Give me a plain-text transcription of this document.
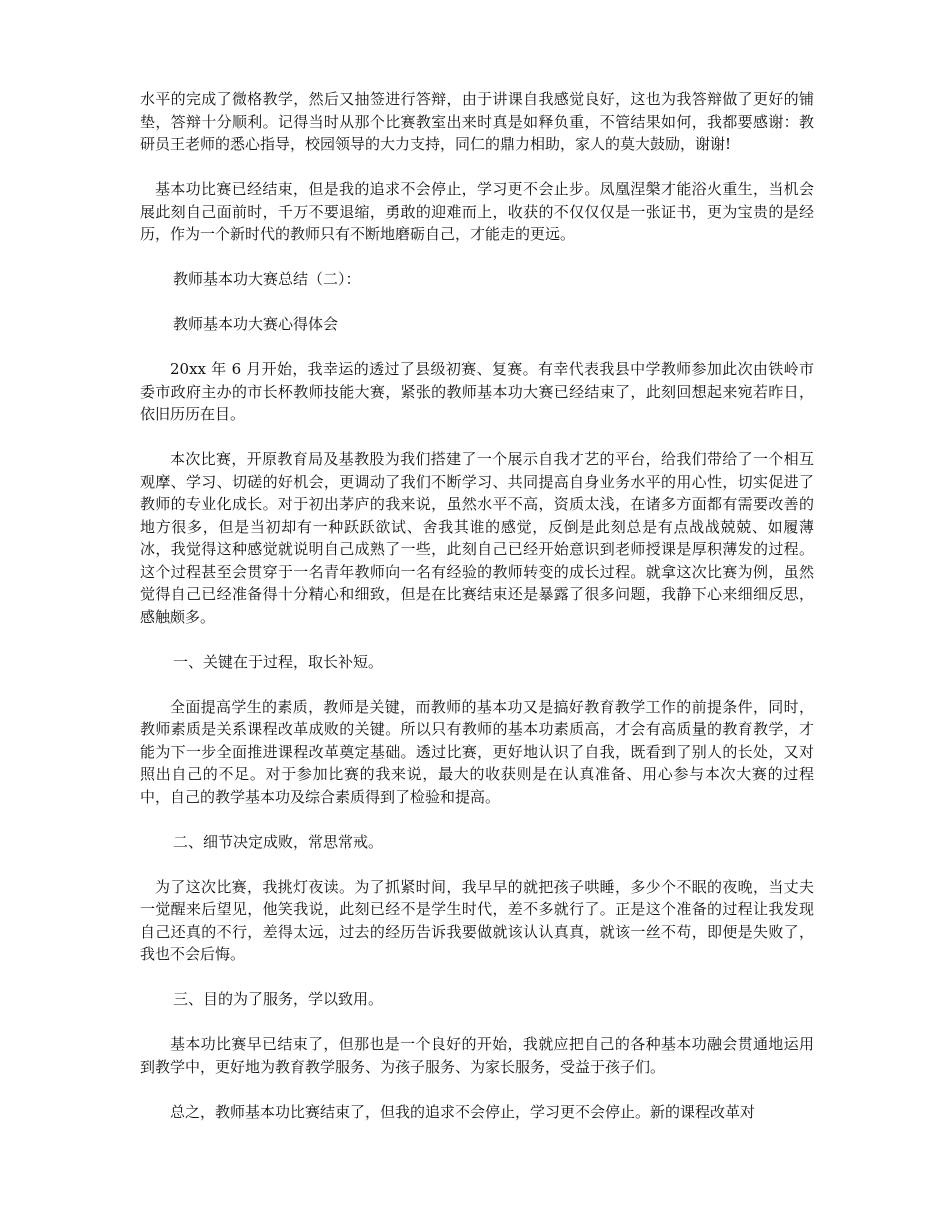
水平的完成了微格教学，然后又抽签进行答辩，由于讲课自我感觉良好，这也为我答辩做了更好的铺垫，答辩十分顺利。记得当时从那个比赛教室出来时真是如释负重，不管结果如何，我都要感谢：教研员王老师的悉心指导，校园领导的大力支持，同仁的鼎力相助，家人的莫大鼓励，谢谢!

基本功比赛已经结束，但是我的追求不会停止，学习更不会止步。凤凰涅槃才能浴火重生，当机会展此刻自己面前时，千万不要退缩，勇敢的迎难而上，收获的不仅仅仅是一张证书，更为宝贵的是经历，作为一个新时代的教师只有不断地磨砺自己，才能走的更远。

教师基本功大赛总结（二）：

教师基本功大赛心得体会

20xx 年 6 月开始，我幸运的透过了县级初赛、复赛。有幸代表我县中学教师参加此次由铁岭市委市政府主办的市长杯教师技能大赛，紧张的教师基本功大赛已经结束了，此刻回想起来宛若昨日，依旧历历在目。

本次比赛，开原教育局及基教股为我们搭建了一个展示自我才艺的平台，给我们带给了一个相互观摩、学习、切磋的好机会，更调动了我们不断学习、共同提高自身业务水平的用心性，切实促进了教师的专业化成长。对于初出茅庐的我来说，虽然水平不高，资质太浅，在诸多方面都有需要改善的地方很多，但是当初却有一种跃跃欲试、舍我其谁的感觉，反倒是此刻总是有点战战兢兢、如履薄冰，我觉得这种感觉就说明自己成熟了一些，此刻自己已经开始意识到老师授课是厚积薄发的过程。这个过程甚至会贯穿于一名青年教师向一名有经验的教师转变的成长过程。就拿这次比赛为例，虽然觉得自己已经准备得十分精心和细致，但是在比赛结束还是暴露了很多问题，我静下心来细细反思，感触颇多。

一、关键在于过程，取长补短。

全面提高学生的素质，教师是关键，而教师的基本功又是搞好教育教学工作的前提条件，同时，教师素质是关系课程改革成败的关键。所以只有教师的基本功素质高，才会有高质量的教育教学，才能为下一步全面推进课程改革奠定基础。透过比赛，更好地认识了自我，既看到了别人的长处，又对照出自己的不足。对于参加比赛的我来说，最大的收获则是在认真准备、用心参与本次大赛的过程中，自己的教学基本功及综合素质得到了检验和提高。

二、细节决定成败，常思常戒。

为了这次比赛，我挑灯夜读。为了抓紧时间，我早早的就把孩子哄睡，多少个不眠的夜晚，当丈夫一觉醒来后望见，他笑我说，此刻已经不是学生时代，差不多就行了。正是这个准备的过程让我发现自己还真的不行，差得太远，过去的经历告诉我要做就该认认真真，就该一丝不苟，即便是失败了，我也不会后悔。

三、目的为了服务，学以致用。

基本功比赛早已结束了，但那也是一个良好的开始，我就应把自己的各种基本功融会贯通地运用到教学中，更好地为教育教学服务、为孩子服务、为家长服务，受益于孩子们。

总之，教师基本功比赛结束了，但我的追求不会停止，学习更不会停止。新的课程改革对
